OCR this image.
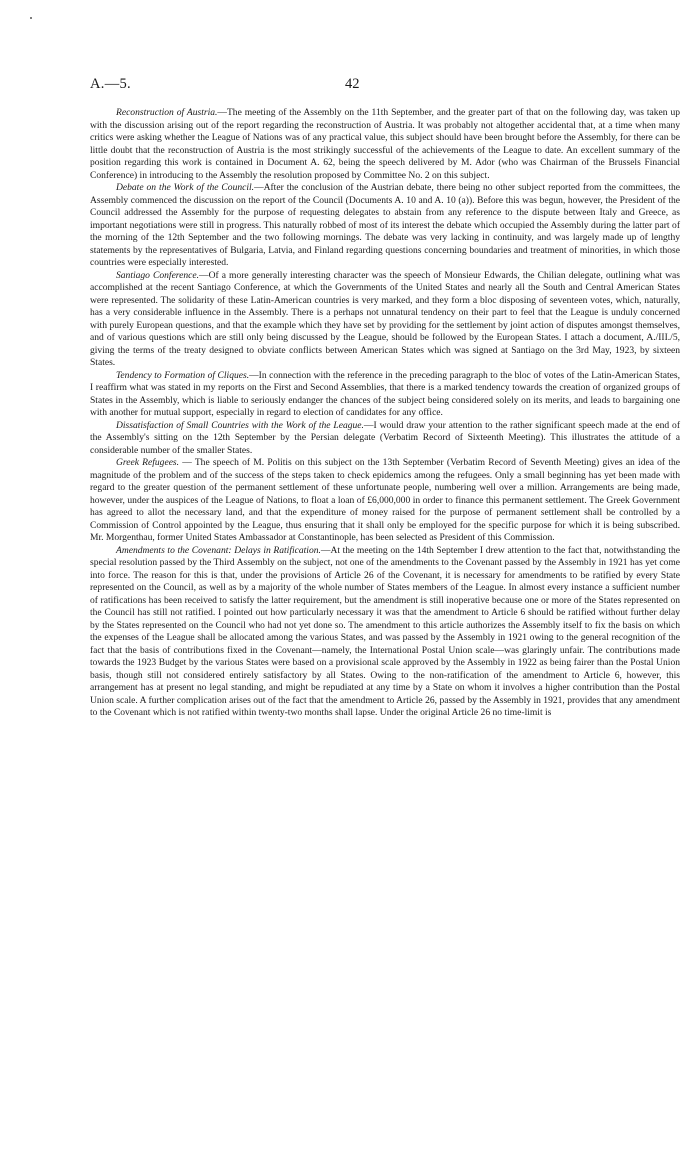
A.—5.	42

Reconstruction of Austria.—The meeting of the Assembly on the 11th September, and the greater part of that on the following day, was taken up with the discussion arising out of the report regarding the reconstruction of Austria. It was probably not altogether accidental that, at a time when many critics were asking whether the League of Nations was of any practical value, this subject should have been brought before the Assembly, for there can be little doubt that the reconstruction of Austria is the most strikingly successful of the achievements of the League to date. An excellent summary of the position regarding this work is contained in Document A. 62, being the speech delivered by M. Ador (who was Chairman of the Brussels Financial Conference) in introducing to the Assembly the resolution proposed by Committee No. 2 on this subject.

Debate on the Work of the Council.—After the conclusion of the Austrian debate, there being no other subject reported from the committees, the Assembly commenced the discussion on the report of the Council (Documents A. 10 and A. 10 (a)). Before this was begun, however, the President of the Council addressed the Assembly for the purpose of requesting delegates to abstain from any reference to the dispute between Italy and Greece, as important negotiations were still in progress. This naturally robbed of most of its interest the debate which occupied the Assembly during the latter part of the morning of the 12th September and the two following mornings. The debate was very lacking in continuity, and was largely made up of lengthy statements by the representatives of Bulgaria, Latvia, and Finland regarding questions concerning boundaries and treatment of minorities, in which those countries were especially interested.

Santiago Conference.—Of a more generally interesting character was the speech of Monsieur Edwards, the Chilian delegate, outlining what was accomplished at the recent Santiago Conference, at which the Governments of the United States and nearly all the South and Central American States were represented. The solidarity of these Latin-American countries is very marked, and they form a bloc disposing of seventeen votes, which, naturally, has a very considerable influence in the Assembly. There is a perhaps not unnatural tendency on their part to feel that the League is unduly concerned with purely European questions, and that the example which they have set by providing for the settlement by joint action of disputes amongst themselves, and of various questions which are still only being discussed by the League, should be followed by the European States. I attach a document, A./III./5, giving the terms of the treaty designed to obviate conflicts between American States which was signed at Santiago on the 3rd May, 1923, by sixteen States.

Tendency to Formation of Cliques.—In connection with the reference in the preceding paragraph to the bloc of votes of the Latin-American States, I reaffirm what was stated in my reports on the First and Second Assemblies, that there is a marked tendency towards the creation of organized groups of States in the Assembly, which is liable to seriously endanger the chances of the subject being considered solely on its merits, and leads to bargaining one with another for mutual support, especially in regard to election of candidates for any office.

Dissatisfaction of Small Countries with the Work of the League.—I would draw your attention to the rather significant speech made at the end of the Assembly's sitting on the 12th September by the Persian delegate (Verbatim Record of Sixteenth Meeting). This illustrates the attitude of a considerable number of the smaller States.

Greek Refugees. — The speech of M. Politis on this subject on the 13th September (Verbatim Record of Seventh Meeting) gives an idea of the magnitude of the problem and of the success of the steps taken to check epidemics among the refugees. Only a small beginning has yet been made with regard to the greater question of the permanent settlement of these unfortunate people, numbering well over a million. Arrangements are being made, however, under the auspices of the League of Nations, to float a loan of £6,000,000 in order to finance this permanent settlement. The Greek Government has agreed to allot the necessary land, and that the expenditure of money raised for the purpose of permanent settlement shall be controlled by a Commission of Control appointed by the League, thus ensuring that it shall only be employed for the specific purpose for which it is being subscribed. Mr. Morgenthau, former United States Ambassador at Constantinople, has been selected as President of this Commission.

Amendments to the Covenant: Delays in Ratification.—At the meeting on the 14th September I drew attention to the fact that, notwithstanding the special resolution passed by the Third Assembly on the subject, not one of the amendments to the Covenant passed by the Assembly in 1921 has yet come into force. The reason for this is that, under the provisions of Article 26 of the Covenant, it is necessary for amendments to be ratified by every State represented on the Council, as well as by a majority of the whole number of States members of the League. In almost every instance a sufficient number of ratifications has been received to satisfy the latter requirement, but the amendment is still inoperative because one or more of the States represented on the Council has still not ratified. I pointed out how particularly necessary it was that the amendment to Article 6 should be ratified without further delay by the States represented on the Council who had not yet done so. The amendment to this article authorizes the Assembly itself to fix the basis on which the expenses of the League shall be allocated among the various States, and was passed by the Assembly in 1921 owing to the general recognition of the fact that the basis of contributions fixed in the Covenant—namely, the International Postal Union scale—was glaringly unfair. The contributions made towards the 1923 Budget by the various States were based on a provisional scale approved by the Assembly in 1922 as being fairer than the Postal Union basis, though still not considered entirely satisfactory by all States. Owing to the non-ratification of the amendment to Article 6, however, this arrangement has at present no legal standing, and might be repudiated at any time by a State on whom it involves a higher contribution than the Postal Union scale. A further complication arises out of the fact that the amendment to Article 26, passed by the Assembly in 1921, provides that any amendment to the Covenant which is not ratified within twenty-two months shall lapse. Under the original Article 26 no time-limit is
